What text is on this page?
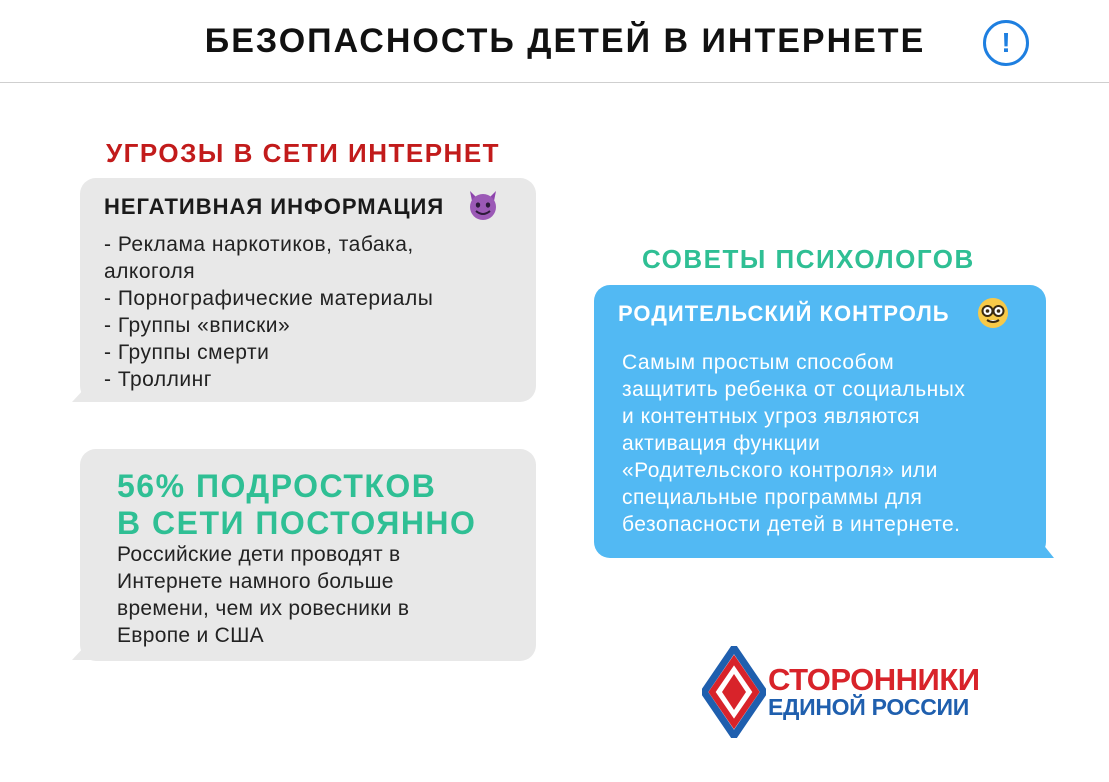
БЕЗОПАСНОСТЬ ДЕТЕЙ В ИНТЕРНЕТЕ	!
УГРОЗЫ В СЕТИ ИНТЕРНЕТ
НЕГАТИВНАЯ ИНФОРМАЦИЯ
- Реклама наркотиков, табака,
алкоголя
- Порнографические материалы
- Группы «вписки»
- Группы смерти
- Троллинг
56% ПОДРОСТКОВ
В СЕТИ ПОСТОЯННО
Российские дети проводят в
Интернете намного больше
времени, чем их ровесники в
Европе и США
СОВЕТЫ ПСИХОЛОГОВ
РОДИТЕЛЬСКИЙ КОНТРОЛЬ
Самым простым способом
защитить ребенка от социальных
и контентных угроз являются
активация функции
«Родительского контроля» или
специальные программы для
безопасности детей в интернете.
СТОРОННИКИ
ЕДИНОЙ РОССИИ
